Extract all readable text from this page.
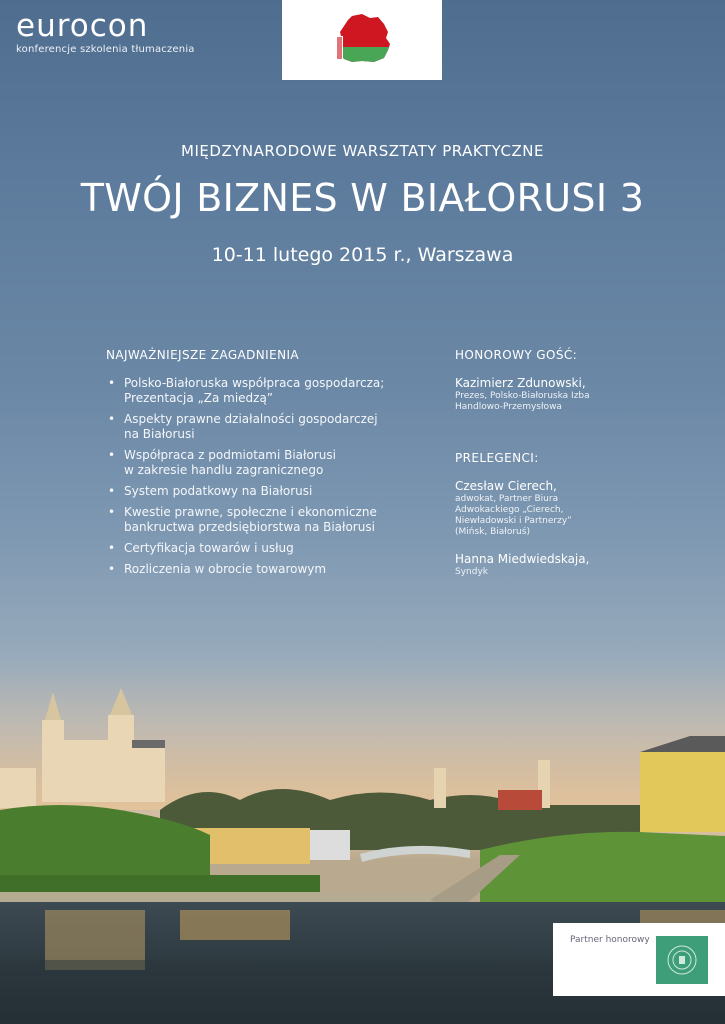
eurocon
konferencje szkolenia tłumaczenia
MIĘDZYNARODOWE WARSZTATY PRAKTYCZNE
TWÓJ BIZNES W BIAŁORUSI 3
10-11 lutego 2015 r., Warszawa
NAJWAŻNIEJSZE ZAGADNIENIA
• Polsko-Białoruska współpraca gospodarcza;
Prezentacja „Za miedzą”
• Aspekty prawne działalności gospodarczej
na Białorusi
• Współpraca z podmiotami Białorusi
w zakresie handlu zagranicznego
• System podatkowy na Białorusi
• Kwestie prawne, społeczne i ekonomiczne
bankructwa przedsiębiorstwa na Białorusi
• Certyfikacja towarów i usług
• Rozliczenia w obrocie towarowym
HONOROWY GOŚĆ:
Kazimierz Zdunowski,
Prezes, Polsko-Białoruska Izba
Handlowo-Przemysłowa
PRELEGENCI:
Czesław Cierech,
adwokat, Partner Biura
Adwokackiego „Cierech,
Niewładowski i Partnerzy”
(Mińsk, Białoruś)
Hanna Miedwiedskaja,
Syndyk
Partner honorowy
